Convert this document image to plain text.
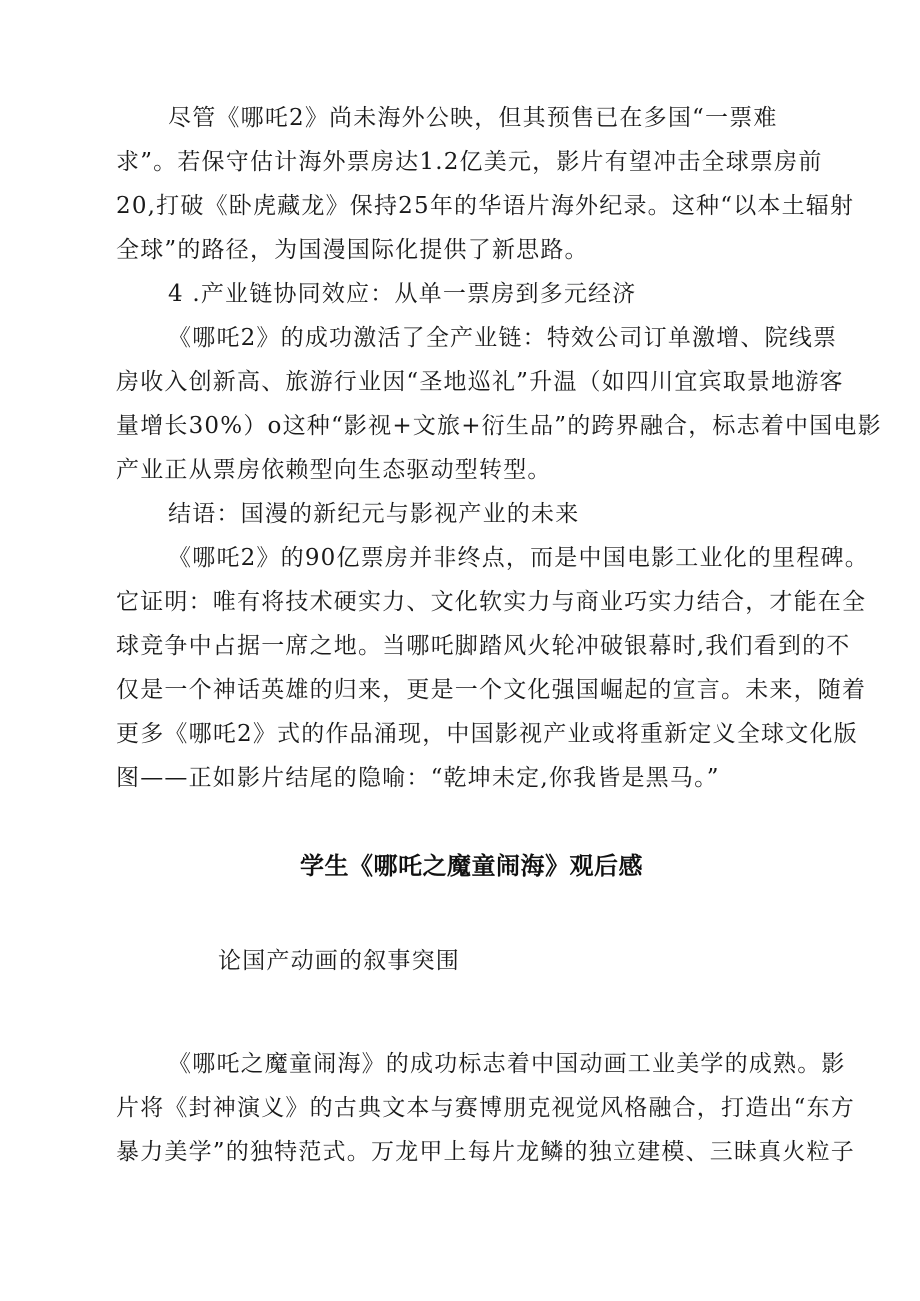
尽管《哪吒2》尚未海外公映，但其预售已在多国“一票难

求”。若保守估计海外票房达1.2亿美元，影片有望冲击全球票房前

20,打破《卧虎藏龙》保持25年的华语片海外纪录。这种“以本土辐射

全球”的路径，为国漫国际化提供了新思路。

4 .产业链协同效应：从单一票房到多元经济

《哪吒2》的成功激活了全产业链：特效公司订单激增、院线票

房收入创新高、旅游行业因“圣地巡礼”升温（如四川宜宾取景地游客

量增长30%）o这种“影视+文旅+衍生品”的跨界融合，标志着中国电影

产业正从票房依赖型向生态驱动型转型。

结语：国漫的新纪元与影视产业的未来

《哪吒2》的90亿票房并非终点，而是中国电影工业化的里程碑。

它证明：唯有将技术硬实力、文化软实力与商业巧实力结合，才能在全

球竞争中占据一席之地。当哪吒脚踏风火轮冲破银幕时,我们看到的不

仅是一个神话英雄的归来，更是一个文化强国崛起的宣言。未来，随着

更多《哪吒2》式的作品涌现，中国影视产业或将重新定义全球文化版

图——正如影片结尾的隐喻：“乾坤未定,你我皆是黑马。”

学生《哪吒之魔童闹海》观后感

论国产动画的叙事突围

《哪吒之魔童闹海》的成功标志着中国动画工业美学的成熟。影

片将《封神演义》的古典文本与赛博朋克视觉风格融合，打造出“东方

暴力美学”的独特范式。万龙甲上每片龙鳞的独立建模、三昧真火粒子
